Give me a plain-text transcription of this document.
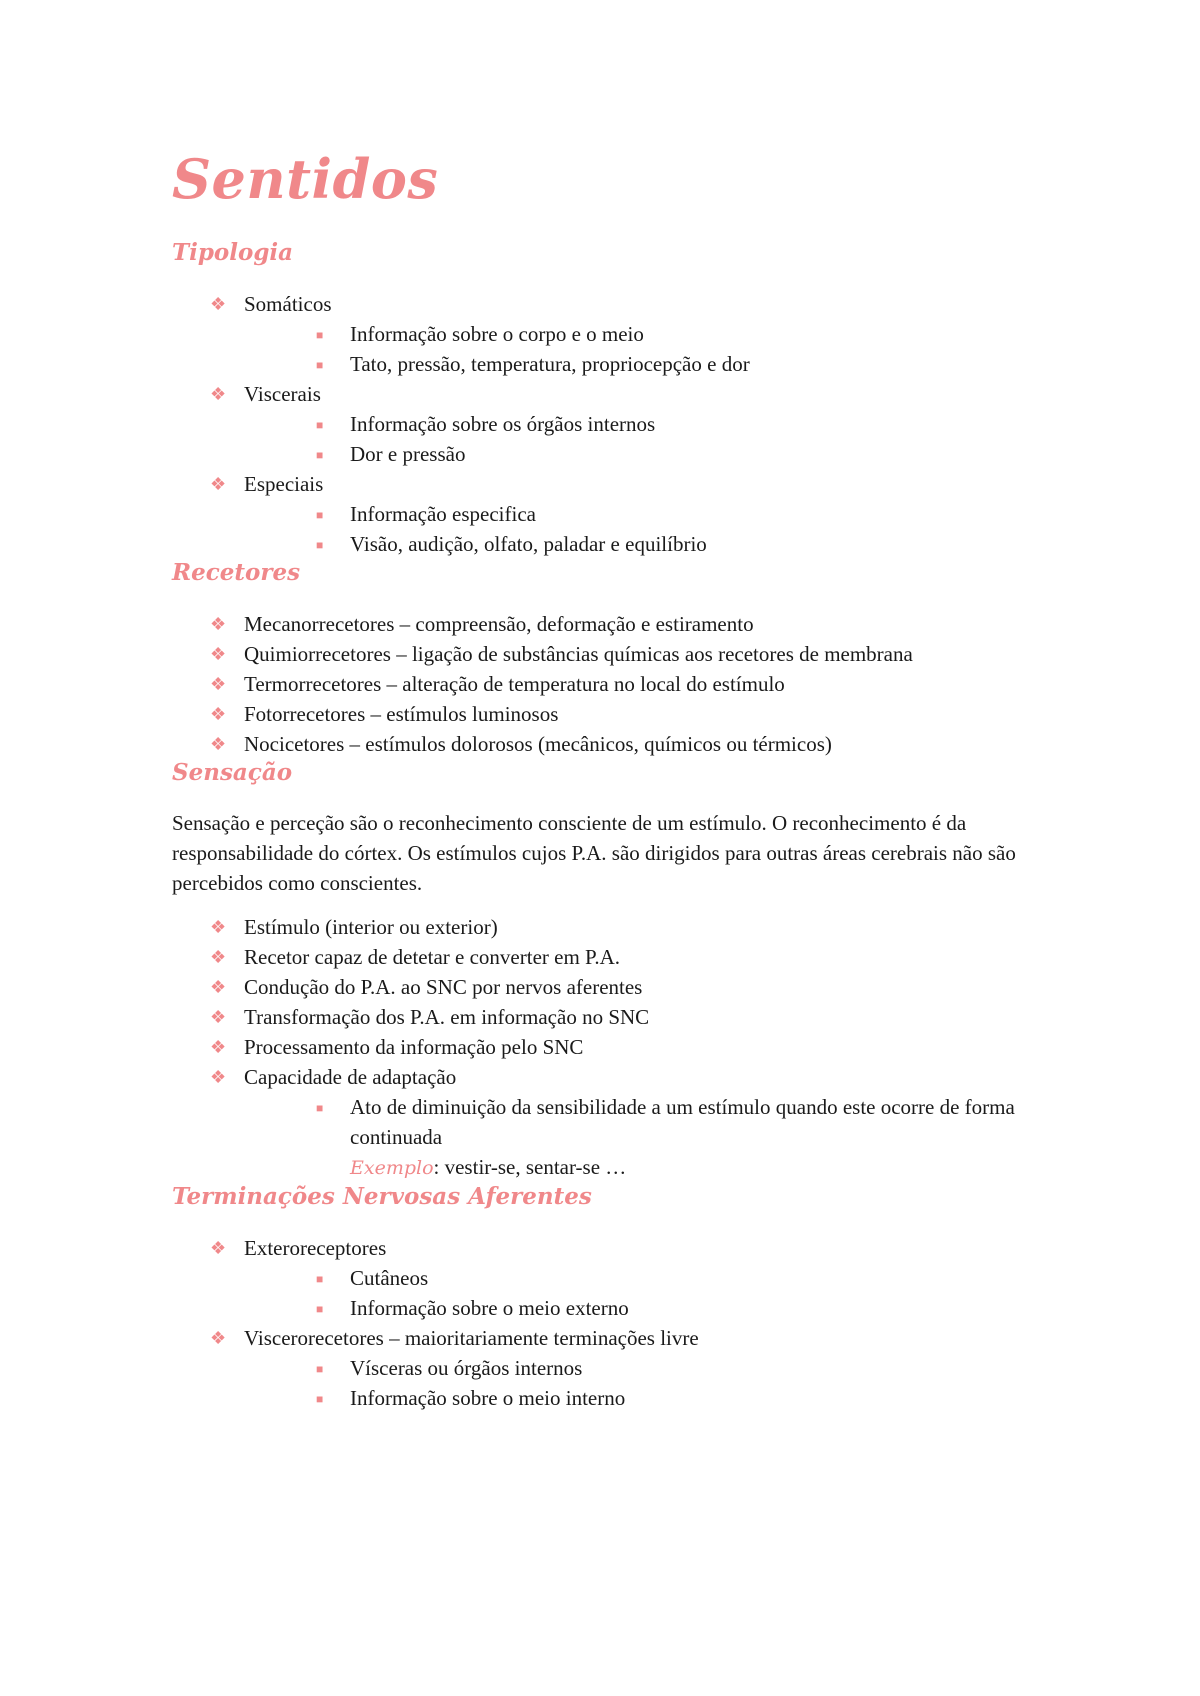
Sentidos
Tipologia
❖ Somáticos
■ Informação sobre o corpo e o meio
■ Tato, pressão, temperatura, propriocepção e dor
❖ Viscerais
■ Informação sobre os órgãos internos
■ Dor e pressão
❖ Especiais
■ Informação especifica
■ Visão, audição, olfato, paladar e equilíbrio
Recetores
❖ Mecanorrecetores – compreensão, deformação e estiramento
❖ Quimiorrecetores – ligação de substâncias químicas aos recetores de membrana
❖ Termorrecetores – alteração de temperatura no local do estímulo
❖ Fotorrecetores – estímulos luminosos
❖ Nocicetores – estímulos dolorosos (mecânicos, químicos ou térmicos)
Sensação

Sensação e perceção são o reconhecimento consciente de um estímulo. O reconhecimento é da responsabilidade do córtex. Os estímulos cujos P.A. são dirigidos para outras áreas cerebrais não são percebidos como conscientes.

❖ Estímulo (interior ou exterior)
❖ Recetor capaz de detetar e converter em P.A.
❖ Condução do P.A. ao SNC por nervos aferentes
❖ Transformação dos P.A. em informação no SNC
❖ Processamento da informação pelo SNC
❖ Capacidade de adaptação
■ Ato de diminuição da sensibilidade a um estímulo quando este ocorre de forma continuada
Exemplo: vestir-se, sentar-se …
Terminações Nervosas Aferentes
❖ Exteroreceptores
■ Cutâneos
■ Informação sobre o meio externo
❖ Viscerorecetores – maioritariamente terminações livre
■ Vísceras ou órgãos internos
■ Informação sobre o meio interno
